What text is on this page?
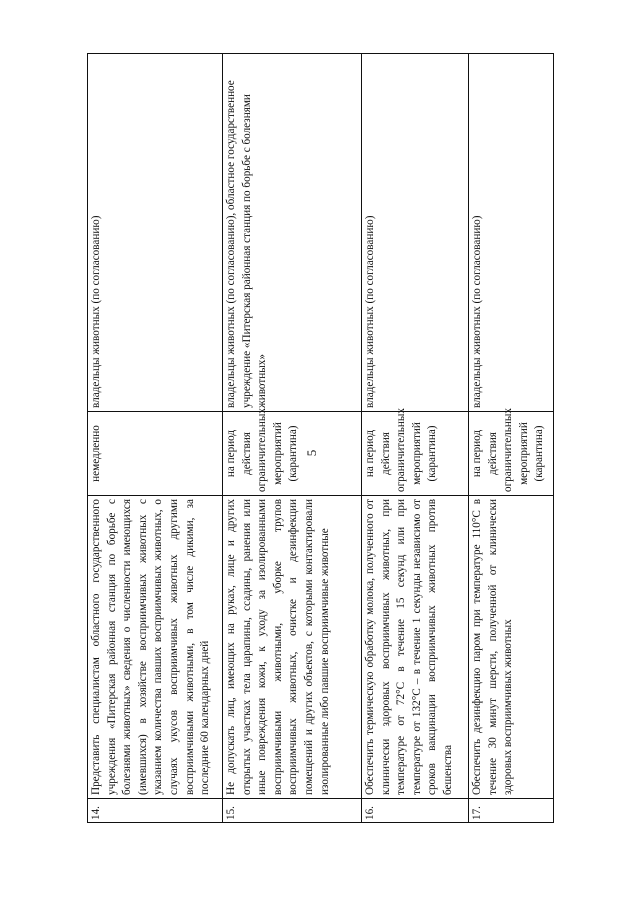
5
14.	Представить специалистам областного государственного учреждения «Питерская районная станция по борьбе с болезнями животных» сведения о численности имеющихся (имевшихся) в хозяйстве восприимчивых животных с указанием количества павших восприимчивых животных, о случаях укусов восприимчивых животных другими восприимчивыми животными, в том числе дикими, за последние 60 календарных дней	немедленно	владельцы животных (по согласованию)
15.	Не допускать лиц, имеющих на руках, лице и других открытых участках тела царапины, ссадины, ранения или иные повреждения кожи, к уходу за изолированными восприимчивыми животными, уборке трупов восприимчивых животных, очистке и дезинфекции помещений и других объектов, с которыми контактировали изолированные либо павшие восприимчивые животные	на период действия ограничительных мероприятий (карантина)	владельцы животных (по согласованию), областное государственное учреждение «Питерская районная станция по борьбе с болезнями животных»
16.	Обеспечить термическую обработку молока, полученного от клинически здоровых восприимчивых животных, при температуре от 72°С в течение 15 секунд или при температуре от 132°С – в течение 1 секунды независимо от сроков вакцинации восприимчивых животных против бешенства	на период действия ограничительных мероприятий (карантина)	владельцы животных (по согласованию)
17.	Обеспечить дезинфекцию паром при температуре 110°С в течение 30 минут шерсти, полученной от клинически здоровых восприимчивых животных	на период действия ограничительных мероприятий (карантина)	владельцы животных (по согласованию)
